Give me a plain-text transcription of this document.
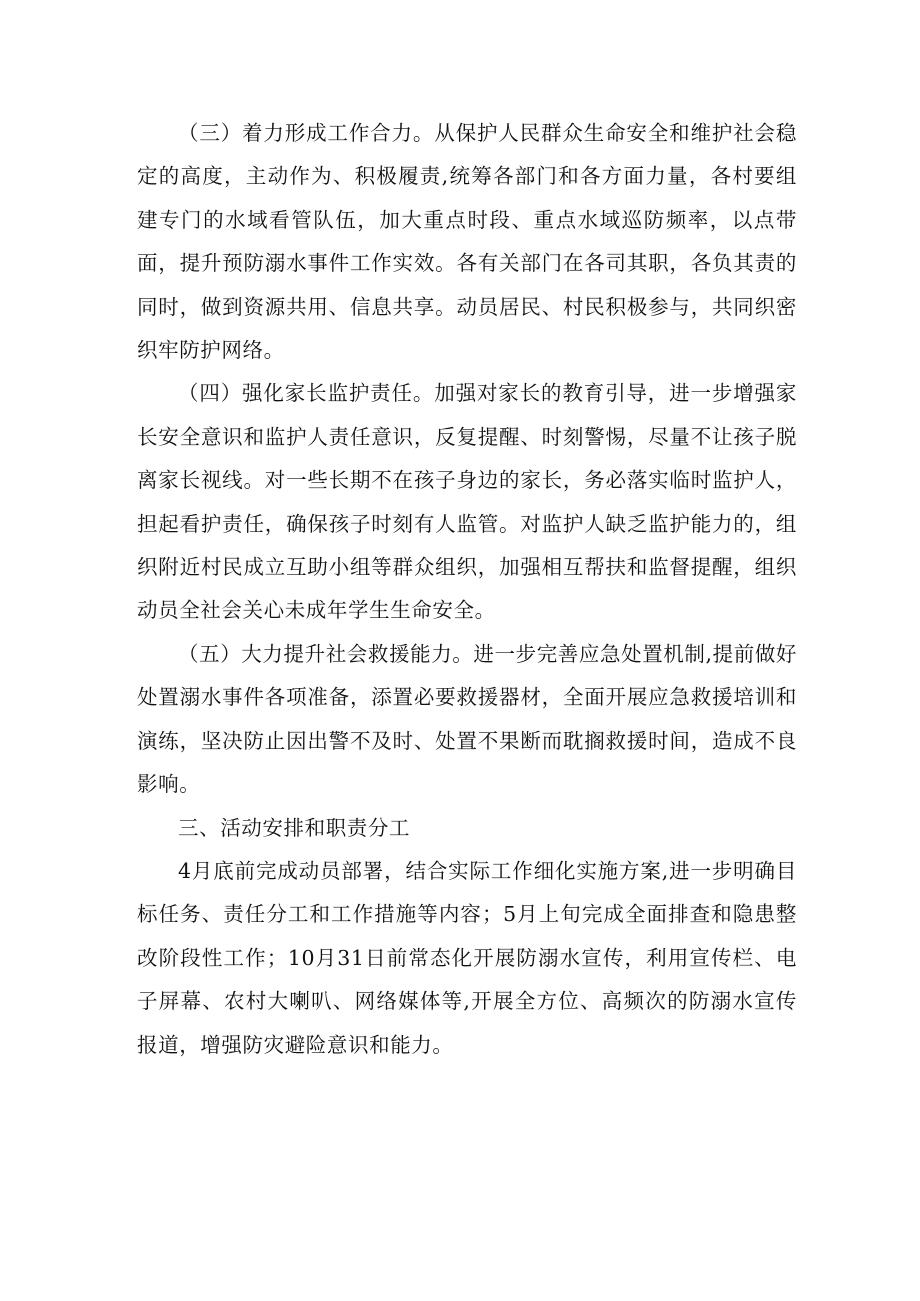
（三）着力形成工作合力。从保护人民群众生命安全和维护社会稳定的高度，主动作为、积极履责,统筹各部门和各方面力量，各村要组建专门的水域看管队伍，加大重点时段、重点水域巡防频率，以点带面，提升预防溺水事件工作实效。各有关部门在各司其职，各负其责的同时，做到资源共用、信息共享。动员居民、村民积极参与，共同织密织牢防护网络。

（四）强化家长监护责任。加强对家长的教育引导，进一步增强家长安全意识和监护人责任意识，反复提醒、时刻警惕，尽量不让孩子脱离家长视线。对一些长期不在孩子身边的家长，务必落实临时监护人，担起看护责任，确保孩子时刻有人监管。对监护人缺乏监护能力的，组织附近村民成立互助小组等群众组织，加强相互帮扶和监督提醒，组织动员全社会关心未成年学生生命安全。

（五）大力提升社会救援能力。进一步完善应急处置机制,提前做好处置溺水事件各项准备，添置必要救援器材，全面开展应急救援培训和演练，坚决防止因出警不及时、处置不果断而耽搁救援时间，造成不良影响。

三、活动安排和职责分工

4月底前完成动员部署，结合实际工作细化实施方案,进一步明确目标任务、责任分工和工作措施等内容；5月上旬完成全面排查和隐患整改阶段性工作；10月31日前常态化开展防溺水宣传，利用宣传栏、电子屏幕、农村大喇叭、网络媒体等,开展全方位、高频次的防溺水宣传报道，增强防灾避险意识和能力。
